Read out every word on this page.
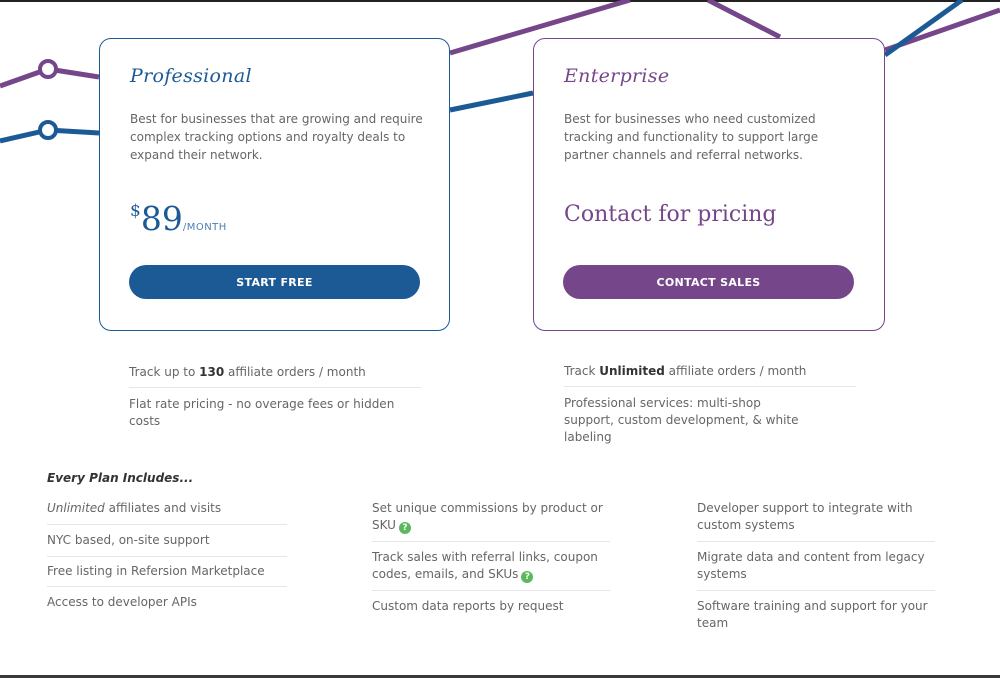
Professional
Best for businesses that are growing and require complex tracking options and royalty deals to expand their network.
$89/MONTH
START FREE
Enterprise
Best for businesses who need customized tracking and functionality to support large partner channels and referral networks.
Contact for pricing
CONTACT SALES
Track up to 130 affiliate orders / month
Flat rate pricing - no overage fees or hidden costs
Track Unlimited affiliate orders / month
Professional services: multi-shop support, custom development, & white labeling
Every Plan Includes...
Unlimited affiliates and visits
NYC based, on-site support
Free listing in Refersion Marketplace
Access to developer APIs
Set unique commissions by product or SKU ?
Track sales with referral links, coupon codes, emails, and SKUs ?
Custom data reports by request
Developer support to integrate with custom systems
Migrate data and content from legacy systems
Software training and support for your team
